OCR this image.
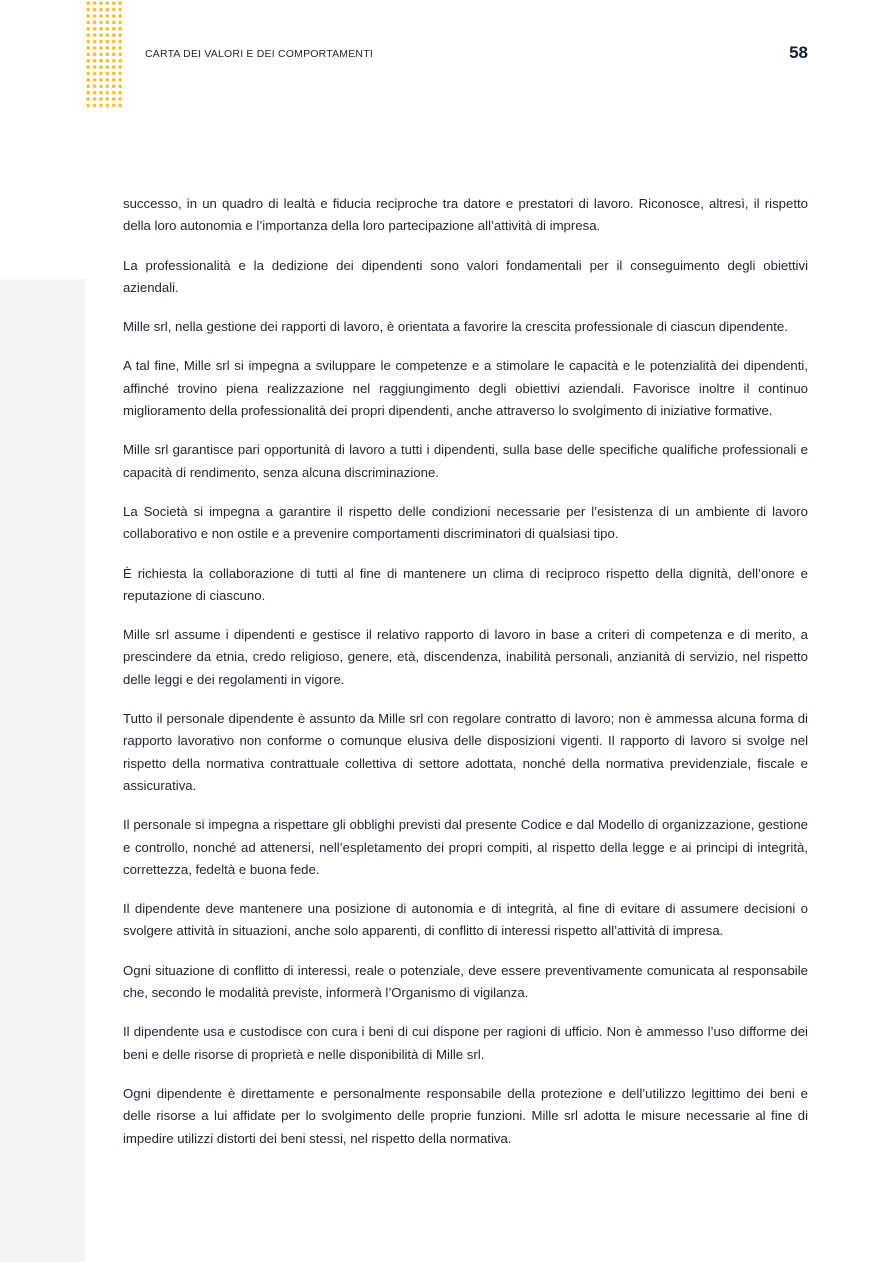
CARTA DEI VALORI E DEI COMPORTAMENTI	58

successo, in un quadro di lealtà e fiducia reciproche tra datore e prestatori di lavoro. Riconosce, altresì, il rispetto della loro autonomia e l’importanza della loro partecipazione all’attività di impresa.

La professionalità e la dedizione dei dipendenti sono valori fondamentali per il conseguimento degli obiettivi aziendali.

Mille srl, nella gestione dei rapporti di lavoro, è orientata a favorire la crescita professionale di ciascun dipendente.

A tal fine, Mille srl si impegna a sviluppare le competenze e a stimolare le capacità e le potenzialità dei dipendenti, affinché trovino piena realizzazione nel raggiungimento degli obiettivi aziendali. Favorisce inoltre il continuo miglioramento della professionalità dei propri dipendenti, anche attraverso lo svolgimento di iniziative formative.

Mille srl garantisce pari opportunità di lavoro a tutti i dipendenti, sulla base delle specifiche qualifiche professionali e capacità di rendimento, senza alcuna discriminazione.

La Società si impegna a garantire il rispetto delle condizioni necessarie per l’esistenza di un ambiente di lavoro collaborativo e non ostile e a prevenire comportamenti discriminatori di qualsiasi tipo.

È richiesta la collaborazione di tutti al fine di mantenere un clima di reciproco rispetto della dignità, dell’onore e reputazione di ciascuno.

Mille srl assume i dipendenti e gestisce il relativo rapporto di lavoro in base a criteri di competenza e di merito, a prescindere da etnia, credo religioso, genere, età, discendenza, inabilità personali, anzianità di servizio, nel rispetto delle leggi e dei regolamenti in vigore.

Tutto il personale dipendente è assunto da Mille srl con regolare contratto di lavoro; non è ammessa alcuna forma di rapporto lavorativo non conforme o comunque elusiva delle disposizioni vigenti. Il rapporto di lavoro si svolge nel rispetto della normativa contrattuale collettiva di settore adottata, nonché della normativa previdenziale, fiscale e assicurativa.

Il personale si impegna a rispettare gli obblighi previsti dal presente Codice e dal Modello di organizzazione, gestione e controllo, nonché ad attenersi, nell’espletamento dei propri compiti, al rispetto della legge e ai principi di integrità, correttezza, fedeltà e buona fede.

Il dipendente deve mantenere una posizione di autonomia e di integrità, al fine di evitare di assumere decisioni o svolgere attività in situazioni, anche solo apparenti, di conflitto di interessi rispetto all’attività di impresa.

Ogni situazione di conflitto di interessi, reale o potenziale, deve essere preventivamente comunicata al responsabile che, secondo le modalità previste, informerà l’Organismo di vigilanza.

Il dipendente usa e custodisce con cura i beni di cui dispone per ragioni di ufficio. Non è ammesso l’uso difforme dei beni e delle risorse di proprietà e nelle disponibilità di Mille srl.

Ogni dipendente è direttamente e personalmente responsabile della protezione e dell’utilizzo legittimo dei beni e delle risorse a lui affidate per lo svolgimento delle proprie funzioni. Mille srl adotta le misure necessarie al fine di impedire utilizzi distorti dei beni stessi, nel rispetto della normativa.
